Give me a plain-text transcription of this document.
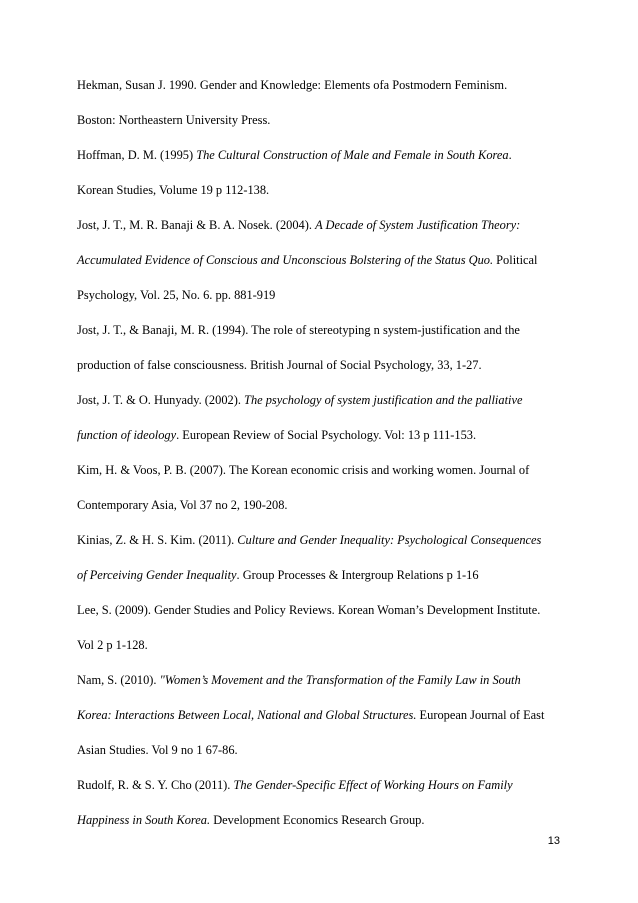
Hekman, Susan J. 1990. Gender and Knowledge: Elements ofa Postmodern Feminism.
Boston: Northeastern University Press.
Hoffman, D. M. (1995) The Cultural Construction of Male and Female in South Korea.
Korean Studies, Volume 19 p 112-138.
Jost, J. T., M. R. Banaji & B. A. Nosek. (2004). A Decade of System Justification Theory:
Accumulated Evidence of Conscious and Unconscious Bolstering of the Status Quo. Political
Psychology, Vol. 25, No. 6. pp. 881-919
Jost, J. T., & Banaji, M. R. (1994). The role of stereotyping n system-justification and the
production of false consciousness. British Journal of Social Psychology, 33, 1-27.
Jost, J. T. & O. Hunyady. (2002). The psychology of system justification and the palliative
function of ideology. European Review of Social Psychology. Vol: 13 p 111-153.
Kim, H. & Voos, P. B. (2007). The Korean economic crisis and working women. Journal of
Contemporary Asia, Vol 37 no 2, 190-208.
Kinias, Z. & H. S. Kim. (2011). Culture and Gender Inequality: Psychological Consequences
of Perceiving Gender Inequality. Group Processes & Intergroup Relations p 1-16
Lee, S. (2009). Gender Studies and Policy Reviews. Korean Woman’s Development Institute.
Vol 2 p 1-128.
Nam, S. (2010). "Women’s Movement and the Transformation of the Family Law in South
Korea: Interactions Between Local, National and Global Structures. European Journal of East
Asian Studies. Vol 9 no 1 67-86.
Rudolf, R. & S. Y. Cho (2011). The Gender-Specific Effect of Working Hours on Family
Happiness in South Korea. Development Economics Research Group.
13
